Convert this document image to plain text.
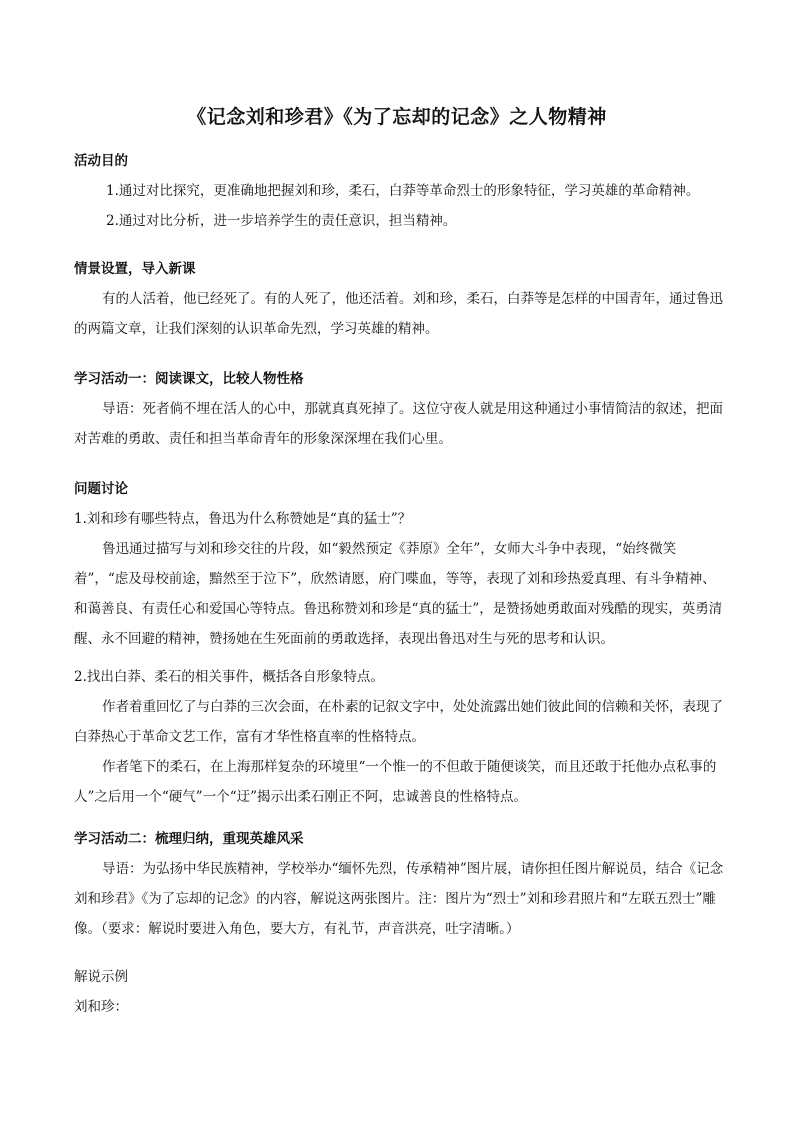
《记念刘和珍君》《为了忘却的记念》之人物精神
活动目的

1.通过对比探究，更准确地把握刘和珍，柔石，白莽等革命烈士的形象特征，学习英雄的革命精神。

2.通过对比分析，进一步培养学生的责任意识，担当精神。

情景设置，导入新课

有的人活着，他已经死了。有的人死了，他还活着。刘和珍，柔石，白莽等是怎样的中国青年，通过鲁迅的两篇文章，让我们深刻的认识革命先烈，学习英雄的精神。

学习活动一：阅读课文，比较人物性格

导语：死者倘不埋在活人的心中，那就真真死掉了。这位守夜人就是用这种通过小事情简洁的叙述，把面对苦难的勇敢、责任和担当革命青年的形象深深埋在我们心里。

问题讨论

1.刘和珍有哪些特点，鲁迅为什么称赞她是“真的猛士”？

鲁迅通过描写与刘和珍交往的片段，如“毅然预定《莽原》全年”，女师大斗争中表现，“始终微笑着”，“虑及母校前途，黯然至于泣下”，欣然请愿，府门喋血，等等，表现了刘和珍热爱真理、有斗争精神、和蔼善良、有责任心和爱国心等特点。鲁迅称赞刘和珍是“真的猛士”，是赞扬她勇敢面对残酷的现实，英勇清醒、永不回避的精神，赞扬她在生死面前的勇敢选择，表现出鲁迅对生与死的思考和认识。

2.找出白莽、柔石的相关事件，概括各自形象特点。

作者着重回忆了与白莽的三次会面，在朴素的记叙文字中，处处流露出她们彼此间的信赖和关怀，表现了白莽热心于革命文艺工作，富有才华性格直率的性格特点。

作者笔下的柔石，在上海那样复杂的环境里“一个惟一的不但敢于随便谈笑，而且还敢于托他办点私事的人”之后用一个“硬气”一个“迂”揭示出柔石刚正不阿，忠诚善良的性格特点。

学习活动二：梳理归纳，重现英雄风采

导语：为弘扬中华民族精神，学校举办“缅怀先烈，传承精神”图片展，请你担任图片解说员，结合《记念刘和珍君》《为了忘却的记念》的内容，解说这两张图片。注：图片为“烈士”刘和珍君照片和“左联五烈士”雕像。（要求：解说时要进入角色，要大方，有礼节，声音洪亮，吐字清晰。）

解说示例

刘和珍：
